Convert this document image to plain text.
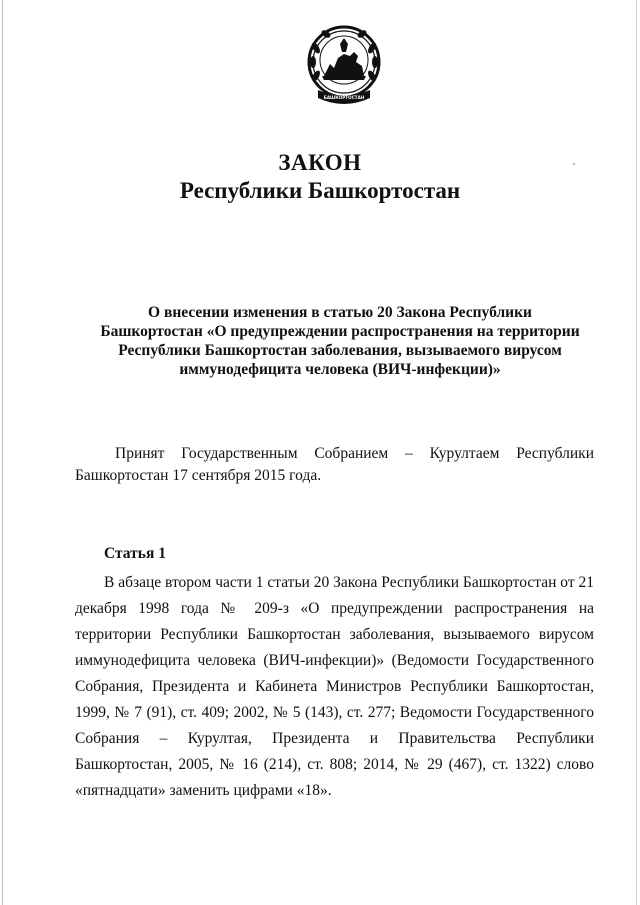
БАШКОРТОСТАН
ЗАКОН
Республики Башкортостан
О внесении изменения в статью 20 Закона Республики
Башкортостан «О предупреждении распространения на территории
Республики Башкортостан заболевания, вызываемого вирусом
иммунодефицита человека (ВИЧ-инфекции)»
Принят Государственным Собранием – Курултаем Республики Башкортостан 17 сентября 2015 года.
Статья 1
В абзаце втором части 1 статьи 20 Закона Республики Башкортостан от 21 декабря 1998 года № 209-з «О предупреждении распространения на территории Республики Башкортостан заболевания, вызываемого вирусом иммунодефицита человека (ВИЧ-инфекции)» (Ведомости Государственного Собрания, Президента и Кабинета Министров Республики Башкортостан, 1999, № 7 (91), ст. 409; 2002, № 5 (143), ст. 277; Ведомости Государственного Собрания – Курултая, Президента и Правительства Республики Башкортостан, 2005, № 16 (214), ст. 808; 2014, № 29 (467), ст. 1322) слово «пятнадцати» заменить цифрами «18».
